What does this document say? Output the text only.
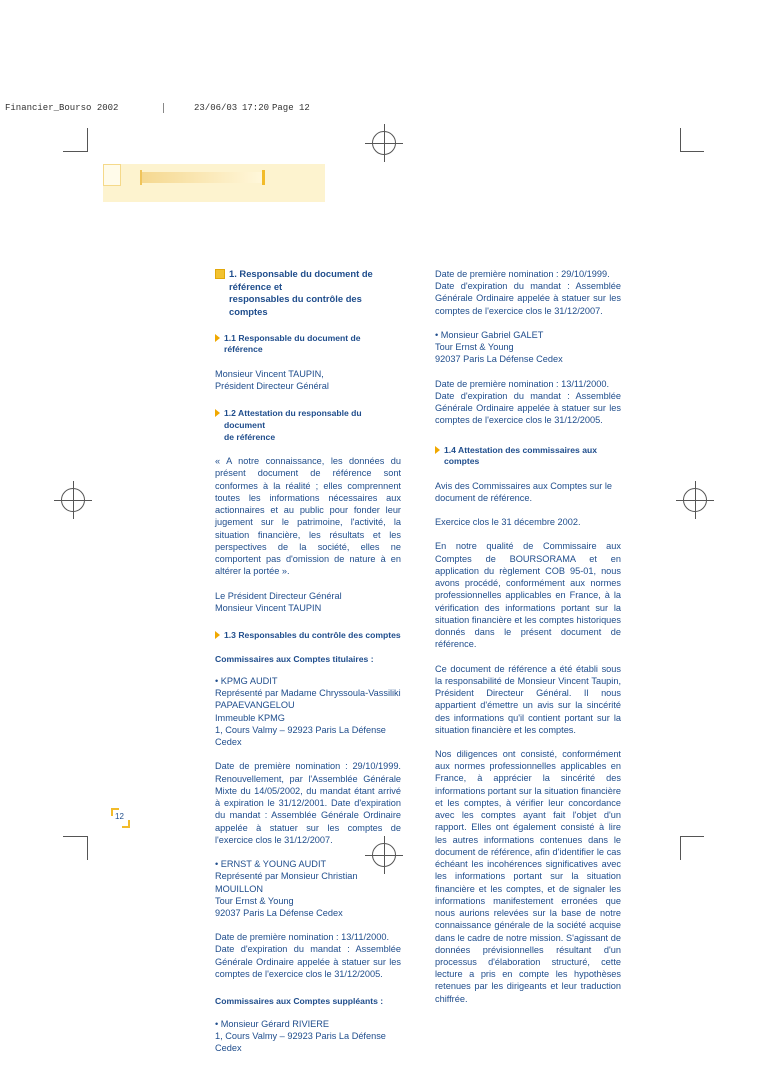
Financier_Bourso 2002	23/06/03 17:20 Page 12
1. Responsable du document de référence et
responsables du contrôle des comptes
1.1 Responsable du document de référence

Monsieur Vincent TAUPIN,
Président Directeur Général

1.2 Attestation du responsable du document
de référence

« A notre connaissance, les données du présent document de référence sont conformes à la réalité ; elles comprennent toutes les informations nécessaires aux actionnaires et au public pour fonder leur jugement sur le patrimoine, l'activité, la situation financière, les résultats et les perspectives de la société, elles ne comportent pas d'omission de nature à en altérer la portée ».

Le Président Directeur Général
Monsieur Vincent TAUPIN

1.3 Responsables du contrôle des comptes
Commissaires aux Comptes titulaires :

• KPMG AUDIT
Représenté par Madame Chryssoula-Vassiliki
PAPAEVANGELOU
Immeuble KPMG
1, Cours Valmy – 92923 Paris La Défense Cedex

Date de première nomination : 29/10/1999. Renouvellement, par l'Assemblée Générale Mixte du 14/05/2002, du mandat étant arrivé à expiration le 31/12/2001. Date d'expiration du mandat : Assemblée Générale Ordinaire appelée à statuer sur les comptes de l'exercice clos le 31/12/2007.

• ERNST & YOUNG AUDIT
Représenté par Monsieur Christian MOUILLON
Tour Ernst & Young
92037 Paris La Défense Cedex

Date de première nomination : 13/11/2000.
Date d'expiration du mandat : Assemblée Générale Ordinaire appelée à statuer sur les comptes de l'exercice clos le 31/12/2005.

Commissaires aux Comptes suppléants :

• Monsieur Gérard RIVIERE
1, Cours Valmy – 92923 Paris La Défense Cedex

Date de première nomination : 29/10/1999.
Date d'expiration du mandat : Assemblée Générale Ordinaire appelée à statuer sur les comptes de l'exercice clos le 31/12/2007.

• Monsieur Gabriel GALET
Tour Ernst & Young
92037 Paris La Défense Cedex

Date de première nomination : 13/11/2000.
Date d'expiration du mandat : Assemblée Générale Ordinaire appelée à statuer sur les comptes de l'exercice clos le 31/12/2005.

1.4 Attestation des commissaires aux comptes

Avis des Commissaires aux Comptes sur le document de référence.

Exercice clos le 31 décembre 2002.

En notre qualité de Commissaire aux Comptes de BOURSORAMA et en application du règlement COB 95-01, nous avons procédé, conformément aux normes professionnelles applicables en France, à la vérification des informations portant sur la situation financière et les comptes historiques donnés dans le présent document de référence.

Ce document de référence a été établi sous la responsabilité de Monsieur Vincent Taupin, Président Directeur Général. Il nous appartient d'émettre un avis sur la sincérité des informations qu'il contient portant sur la situation financière et les comptes.

Nos diligences ont consisté, conformément aux normes professionnelles applicables en France, à apprécier la sincérité des informations portant sur la situation financière et les comptes, à vérifier leur concordance avec les comptes ayant fait l'objet d'un rapport. Elles ont également consisté à lire les autres informations contenues dans le document de référence, afin d'identifier le cas échéant les incohérences significatives avec les informations portant sur la situation financière et les comptes, et de signaler les informations manifestement erronées que nous aurions relevées sur la base de notre connaissance générale de la société acquise dans le cadre de notre mission. S'agissant de données prévisionnelles résultant d'un processus d'élaboration structuré, cette lecture a pris en compte les hypothèses retenues par les dirigeants et leur traduction chiffrée.

12
